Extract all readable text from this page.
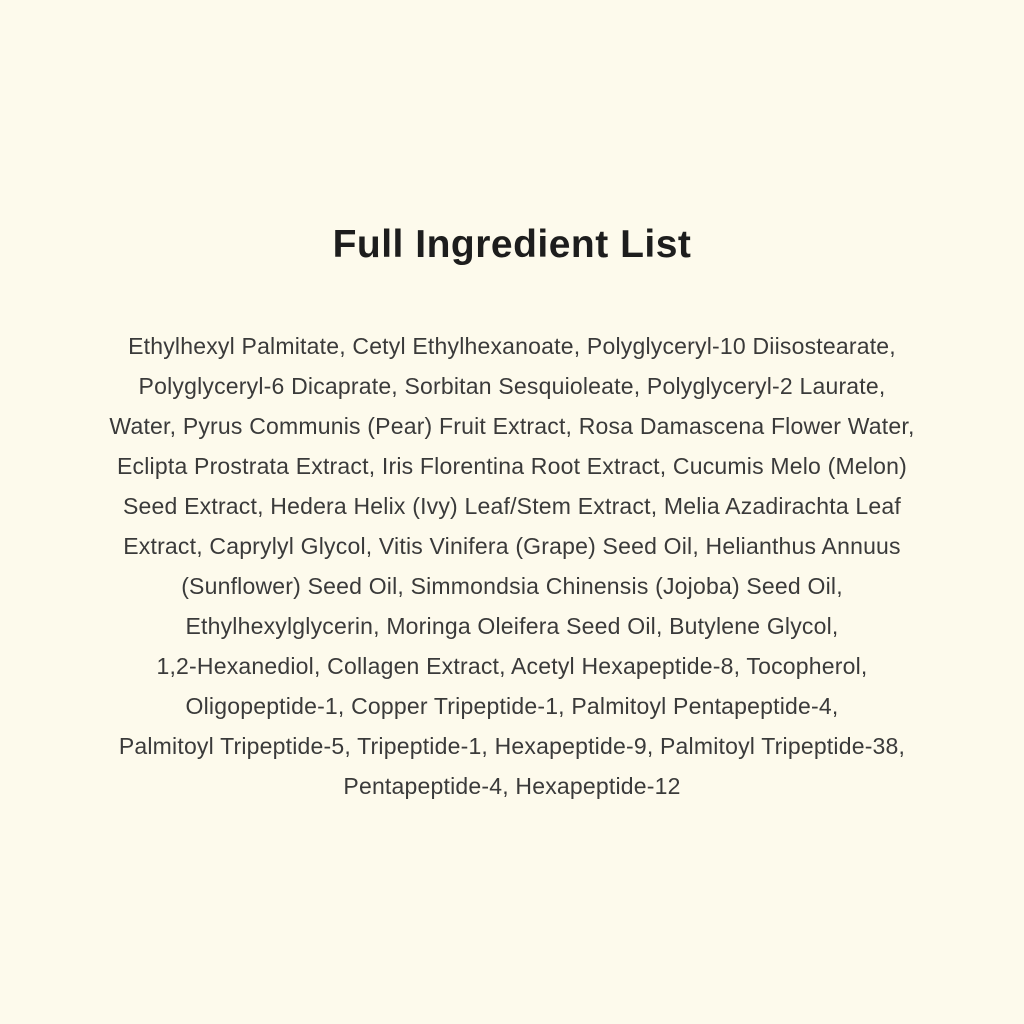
Full Ingredient List
Ethylhexyl Palmitate, Cetyl Ethylhexanoate, Polyglyceryl-10 Diisostearate,
Polyglyceryl-6 Dicaprate, Sorbitan Sesquioleate, Polyglyceryl-2 Laurate,
Water, Pyrus Communis (Pear) Fruit Extract, Rosa Damascena Flower Water,
Eclipta Prostrata Extract, Iris Florentina Root Extract, Cucumis Melo (Melon)
Seed Extract, Hedera Helix (Ivy) Leaf/Stem Extract, Melia Azadirachta Leaf
Extract, Caprylyl Glycol, Vitis Vinifera (Grape) Seed Oil, Helianthus Annuus
(Sunflower) Seed Oil, Simmondsia Chinensis (Jojoba) Seed Oil,
Ethylhexylglycerin, Moringa Oleifera Seed Oil, Butylene Glycol,
1,2-Hexanediol, Collagen Extract, Acetyl Hexapeptide-8, Tocopherol,
Oligopeptide-1, Copper Tripeptide-1, Palmitoyl Pentapeptide-4,
Palmitoyl Tripeptide-5, Tripeptide-1, Hexapeptide-9, Palmitoyl Tripeptide-38,
Pentapeptide-4, Hexapeptide-12
